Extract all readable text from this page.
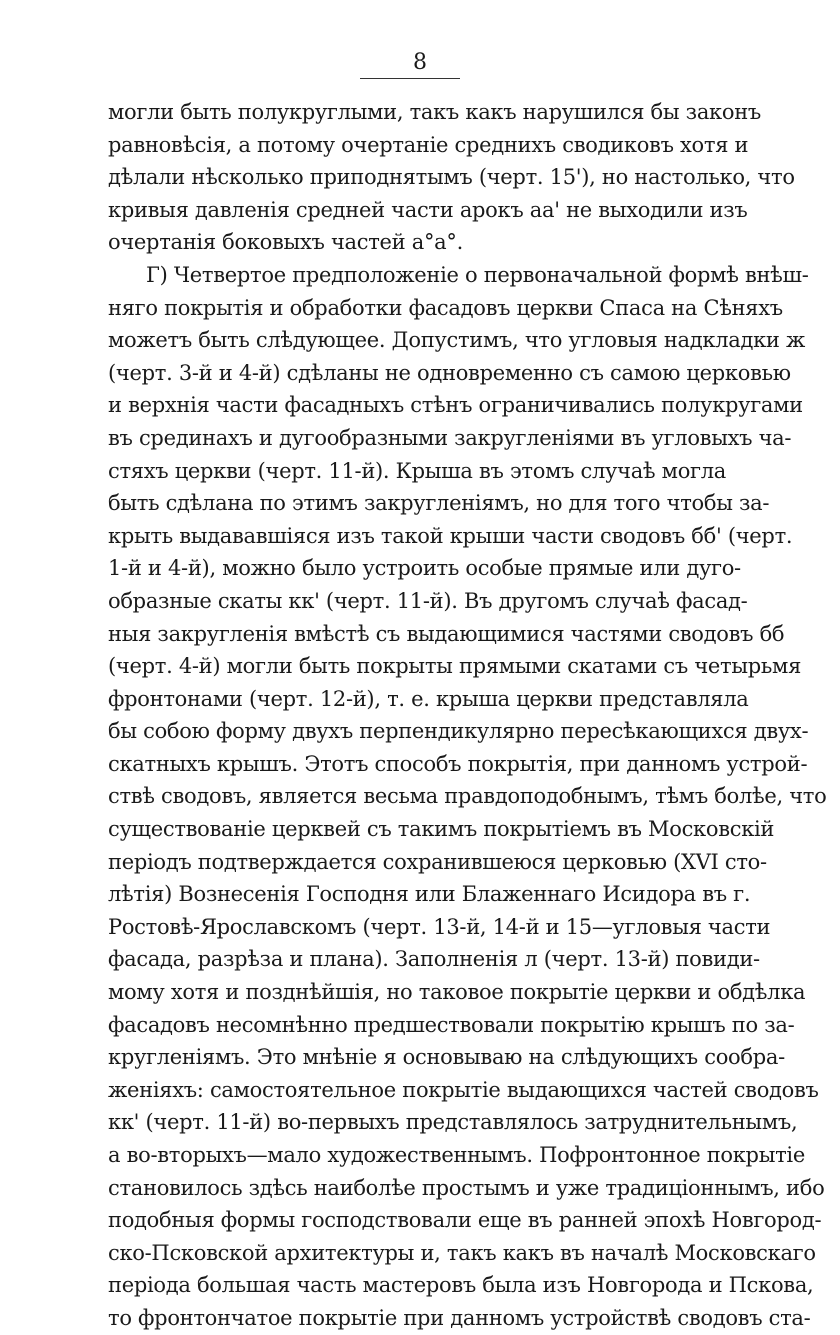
8
могли быть полукруглыми, такъ какъ нарушился бы законъ
равновѣсія, а потому очертаніе среднихъ сводиковъ хотя и
дѣлали нѣсколько приподнятымъ (черт. 15'), но настолько, что
кривыя давленія средней части арокъ аа' не выходили изъ
очертанія боковыхъ частей а°а°.
Г) Четвертое предположеніе о первоначальной формѣ внѣш-
няго покрытія и обработки фасадовъ церкви Спаса на Сѣняхъ
можетъ быть слѣдующее. Допустимъ, что угловыя надкладки ж
(черт. 3-й и 4-й) сдѣланы не одновременно съ самою церковью
и верхнія части фасадныхъ стѣнъ ограничивались полукругами
въ срединахъ и дугообразными закругленіями въ угловыхъ ча-
стяхъ церкви (черт. 11-й). Крыша въ этомъ случаѣ могла
быть сдѣлана по этимъ закругленіямъ, но для того чтобы за-
крыть выдававшіяся изъ такой крыши части сводовъ бб' (черт.
1-й и 4-й), можно было устроить особые прямые или дуго-
образные скаты кк' (черт. 11-й). Въ другомъ случаѣ фасад-
ныя закругленія вмѣстѣ съ выдающимися частями сводовъ бб
(черт. 4-й) могли быть покрыты прямыми скатами съ четырьмя
фронтонами (черт. 12-й), т. е. крыша церкви представляла
бы собою форму двухъ перпендикулярно пересѣкающихся двух-
скатныхъ крышъ. Этотъ способъ покрытія, при данномъ устрой-
ствѣ сводовъ, является весьма правдоподобнымъ, тѣмъ болѣе, что
существованіе церквей съ такимъ покрытіемъ въ Московскій
періодъ подтверждается сохранившеюся церковью (XVI сто-
лѣтія) Вознесенія Господня или Блаженнаго Исидора въ г.
Ростовѣ-Ярославскомъ (черт. 13-й, 14-й и 15—угловыя части
фасада, разрѣза и плана). Заполненія л (черт. 13-й) повиди-
мому хотя и позднѣйшія, но таковое покрытіе церкви и обдѣлка
фасадовъ несомнѣнно предшествовали покрытію крышъ по за-
кругленіямъ. Это мнѣніе я основываю на слѣдующихъ сообра-
женіяхъ: самостоятельное покрытіе выдающихся частей сводовъ
кк' (черт. 11-й) во-первыхъ представлялось затруднительнымъ,
а во-вторыхъ—мало художественнымъ. Пофронтонное покрытіе
становилось здѣсь наиболѣе простымъ и уже традиціоннымъ, ибо
подобныя формы господствовали еще въ ранней эпохѣ Новгород-
ско-Псковской архитектуры и, такъ какъ въ началѣ Московскаго
періода большая часть мастеровъ была изъ Новгорода и Пскова,
то фронтончатое покрытіе при данномъ устройствѣ сводовъ ста-
